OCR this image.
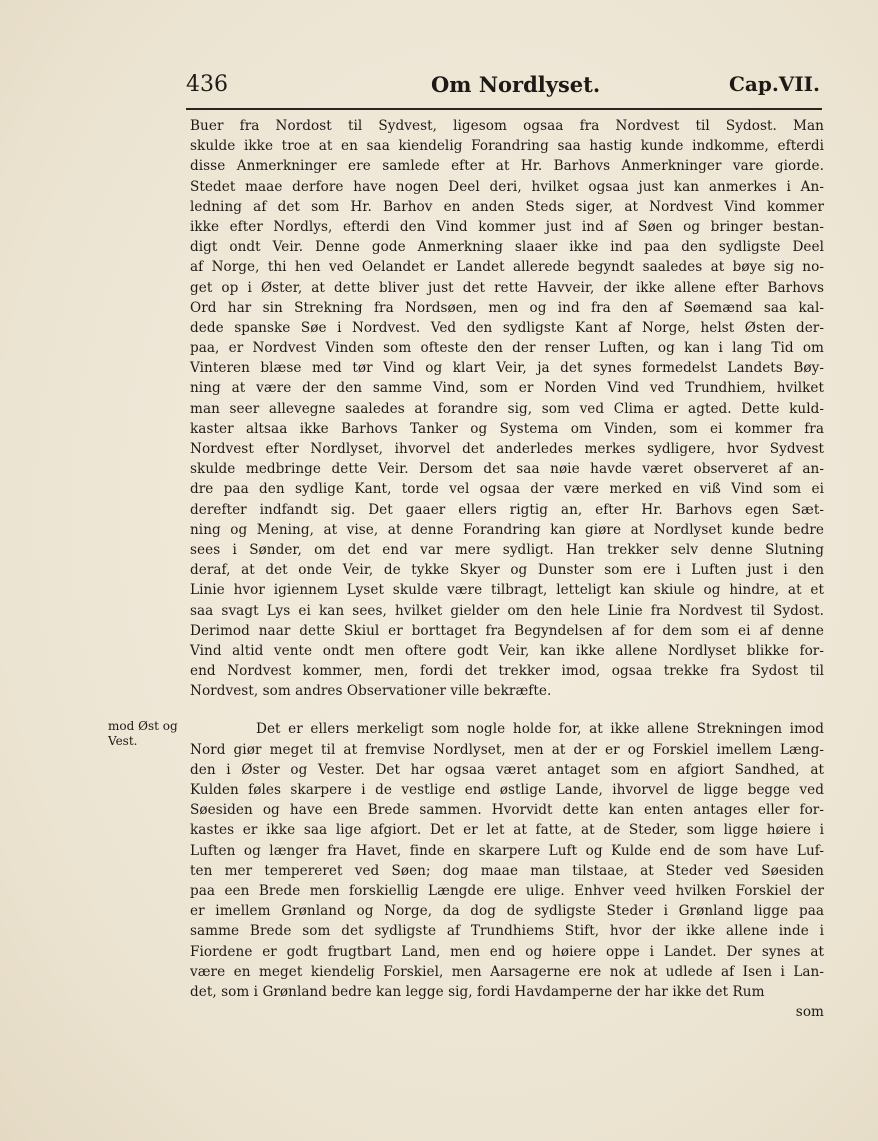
436	Om Nordlyset.	Cap.VII.
mod Øst og
Vest.
Buer fra Nordost til Sydvest, ligesom ogsaa fra Nordvest til Sydost. Man
skulde ikke troe at en saa kiendelig Forandring saa hastig kunde indkomme, efterdi
disse Anmerkninger ere samlede efter at Hr. Barhovs Anmerkninger vare giorde.
Stedet maae derfore have nogen Deel deri, hvilket ogsaa just kan anmerkes i An-
ledning af det som Hr. Barhov en anden Steds siger, at Nordvest Vind kommer
ikke efter Nordlys, efterdi den Vind kommer just ind af Søen og bringer bestan-
digt ondt Veir. Denne gode Anmerkning slaaer ikke ind paa den sydligste Deel
af Norge, thi hen ved Oelandet er Landet allerede begyndt saaledes at bøye sig no-
get op i Øster, at dette bliver just det rette Havveir, der ikke allene efter Barhovs
Ord har sin Strekning fra Nordsøen, men og ind fra den af Søemænd saa kal-
dede spanske Søe i Nordvest. Ved den sydligste Kant af Norge, helst Østen der-
paa, er Nordvest Vinden som ofteste den der renser Luften, og kan i lang Tid om
Vinteren blæse med tør Vind og klart Veir, ja det synes formedelst Landets Bøy-
ning at være der den samme Vind, som er Norden Vind ved Trundhiem, hvilket
man seer allevegne saaledes at forandre sig, som ved Clima er agted. Dette kuld-
kaster altsaa ikke Barhovs Tanker og Systema om Vinden, som ei kommer fra
Nordvest efter Nordlyset, ihvorvel det anderledes merkes sydligere, hvor Sydvest
skulde medbringe dette Veir. Dersom det saa nøie havde været observeret af an-
dre paa den sydlige Kant, torde vel ogsaa der være merked en viß Vind som ei
derefter indfandt sig. Det gaaer ellers rigtig an, efter Hr. Barhovs egen Sæt-
ning og Mening, at vise, at denne Forandring kan giøre at Nordlyset kunde bedre
sees i Sønder, om det end var mere sydligt. Han trekker selv denne Slutning
deraf, at det onde Veir, de tykke Skyer og Dunster som ere i Luften just i den
Linie hvor igiennem Lyset skulde være tilbragt, letteligt kan skiule og hindre, at et
saa svagt Lys ei kan sees, hvilket gielder om den hele Linie fra Nordvest til Sydost.
Derimod naar dette Skiul er borttaget fra Begyndelsen af for dem som ei af denne
Vind altid vente ondt men oftere godt Veir, kan ikke allene Nordlyset blikke for-
end Nordvest kommer, men, fordi det trekker imod, ogsaa trekke fra Sydost til
Nordvest, som andres Observationer ville bekræfte.
Det er ellers merkeligt som nogle holde for, at ikke allene Strekningen imod
Nord giør meget til at fremvise Nordlyset, men at der er og Forskiel imellem Læng-
den i Øster og Vester. Det har ogsaa været antaget som en afgiort Sandhed, at
Kulden føles skarpere i de vestlige end østlige Lande, ihvorvel de ligge begge ved
Søesiden og have een Brede sammen. Hvorvidt dette kan enten antages eller for-
kastes er ikke saa lige afgiort. Det er let at fatte, at de Steder, som ligge høiere i
Luften og længer fra Havet, finde en skarpere Luft og Kulde end de som have Luf-
ten mer tempereret ved Søen; dog maae man tilstaae, at Steder ved Søesiden
paa een Brede men forskiellig Længde ere ulige. Enhver veed hvilken Forskiel der
er imellem Grønland og Norge, da dog de sydligste Steder i Grønland ligge paa
samme Brede som det sydligste af Trundhiems Stift, hvor der ikke allene inde i
Fiordene er godt frugtbart Land, men end og høiere oppe i Landet. Der synes at
være en meget kiendelig Forskiel, men Aarsagerne ere nok at udlede af Isen i Lan-
det, som i Grønland bedre kan legge sig, fordi Havdamperne der har ikke det Rum
som
